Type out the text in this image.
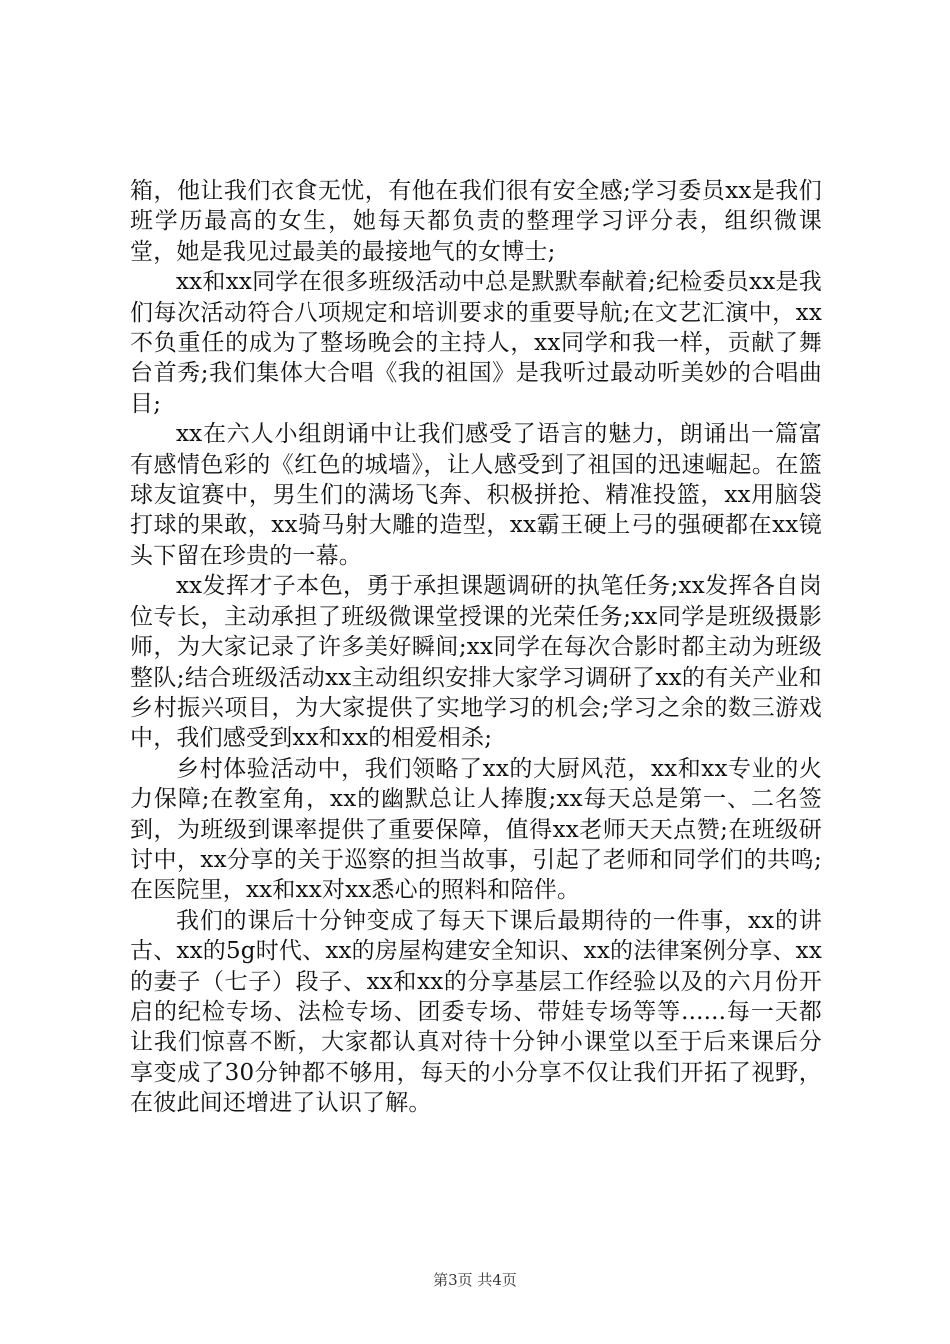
箱，他让我们衣食无忧，有他在我们很有安全感;学习委员xx是我们班学历最高的女生，她每天都负责的整理学习评分表，组织微课堂，她是我见过最美的最接地气的女博士;

xx和xx同学在很多班级活动中总是默默奉献着;纪检委员xx是我们每次活动符合八项规定和培训要求的重要导航;在文艺汇演中，xx不负重任的成为了整场晚会的主持人，xx同学和我一样，贡献了舞台首秀;我们集体大合唱《我的祖国》是我听过最动听美妙的合唱曲目;

xx在六人小组朗诵中让我们感受了语言的魅力，朗诵出一篇富有感情色彩的《红色的城墙》，让人感受到了祖国的迅速崛起。在篮球友谊赛中，男生们的满场飞奔、积极拼抢、精准投篮，xx用脑袋打球的果敢，xx骑马射大雕的造型，xx霸王硬上弓的强硬都在xx镜头下留在珍贵的一幕。

xx发挥才子本色，勇于承担课题调研的执笔任务;xx发挥各自岗位专长，主动承担了班级微课堂授课的光荣任务;xx同学是班级摄影师，为大家记录了许多美好瞬间;xx同学在每次合影时都主动为班级整队;结合班级活动xx主动组织安排大家学习调研了xx的有关产业和乡村振兴项目，为大家提供了实地学习的机会;学习之余的数三游戏中，我们感受到xx和xx的相爱相杀;

乡村体验活动中，我们领略了xx的大厨风范，xx和xx专业的火力保障;在教室角，xx的幽默总让人捧腹;xx每天总是第一、二名签到，为班级到课率提供了重要保障，值得xx老师天天点赞;在班级研讨中，xx分享的关于巡察的担当故事，引起了老师和同学们的共鸣;在医院里，xx和xx对xx悉心的照料和陪伴。

我们的课后十分钟变成了每天下课后最期待的一件事，xx的讲古、xx的5g时代、xx的房屋构建安全知识、xx的法律案例分享、xx的妻子（七子）段子、xx和xx的分享基层工作经验以及的六月份开启的纪检专场、法检专场、团委专场、带娃专场等等......每一天都让我们惊喜不断，大家都认真对待十分钟小课堂以至于后来课后分享变成了30分钟都不够用，每天的小分享不仅让我们开拓了视野，在彼此间还增进了认识了解。

第3页 共4页
